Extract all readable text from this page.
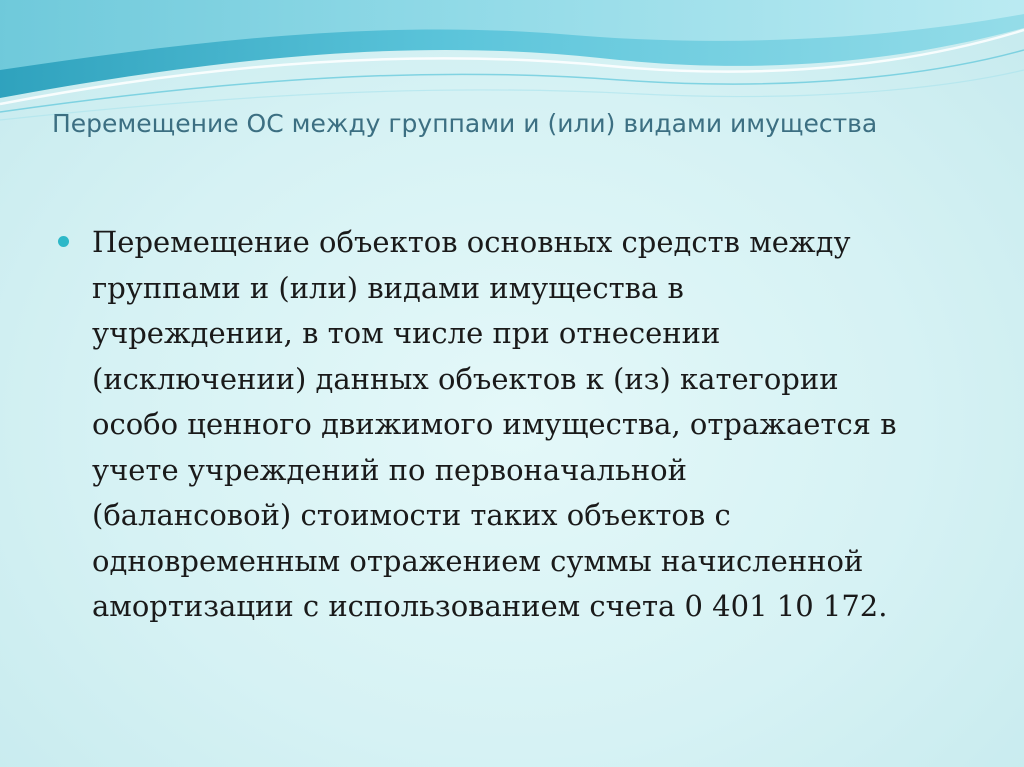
Перемещение ОС между группами и (или) видами имущества

Перемещение объектов основных средств между
группами и (или) видами имущества в
учреждении, в том числе при отнесении
(исключении) данных объектов к (из) категории
особо ценного движимого имущества, отражается в
учете учреждений по первоначальной
(балансовой) стоимости таких объектов с
одновременным отражением суммы начисленной
амортизации с использованием счета 0 401 10 172.
